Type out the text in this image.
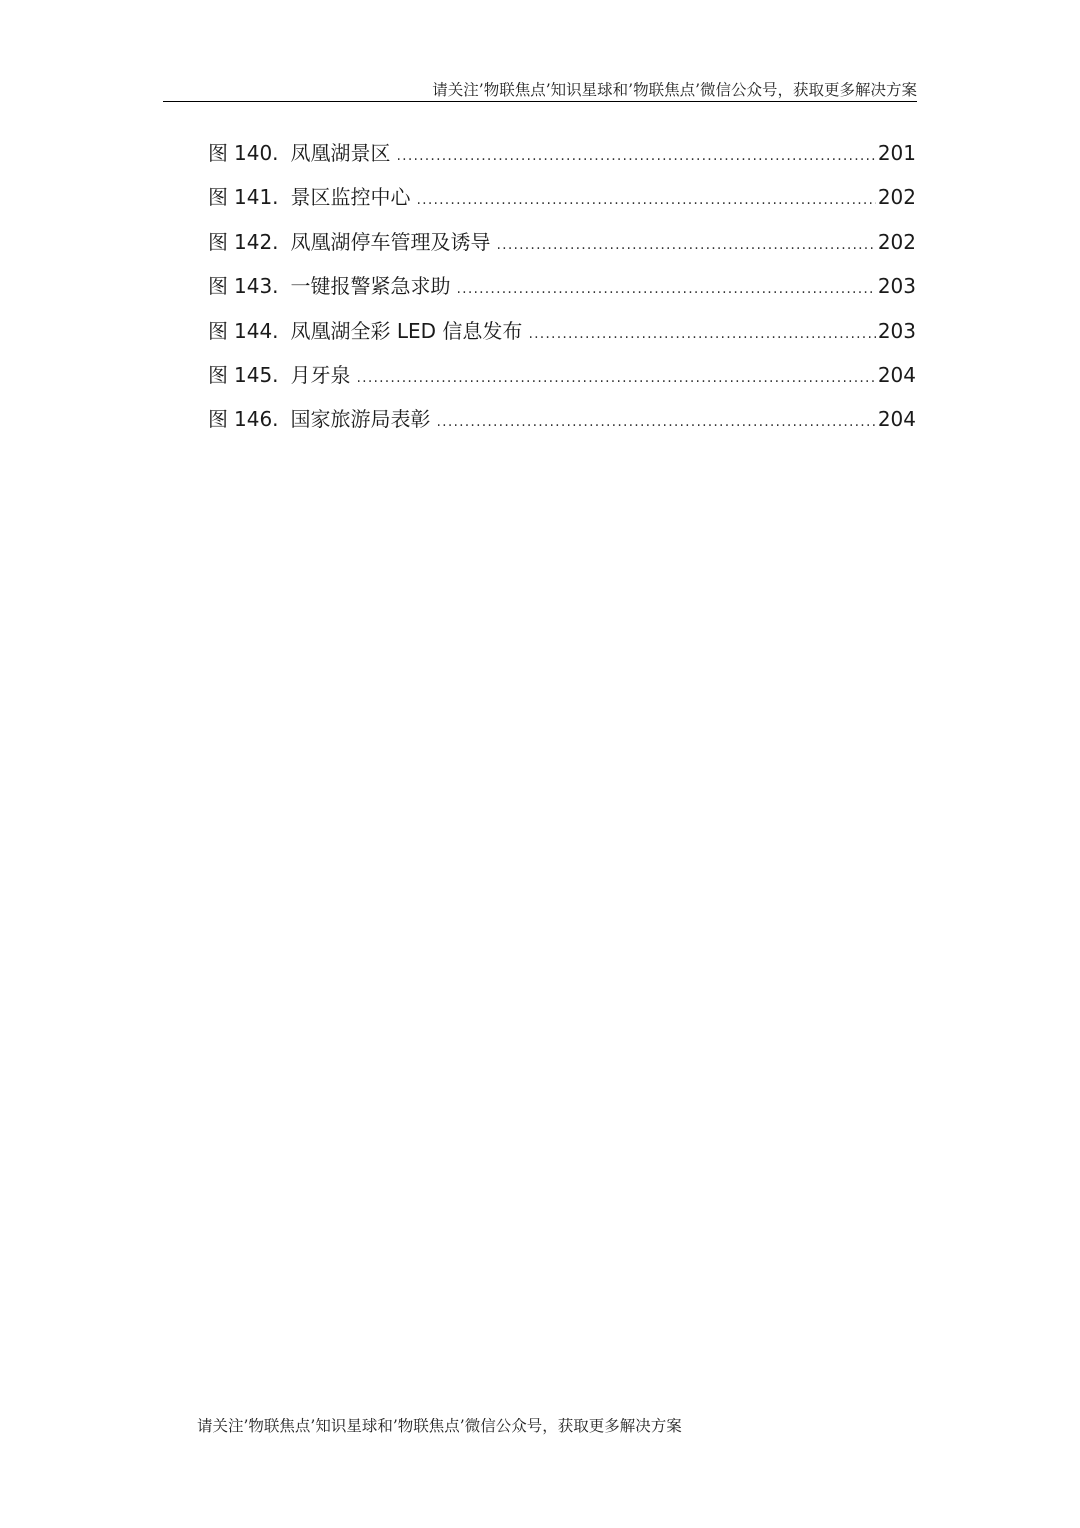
请关注’物联焦点’知识星球和’物联焦点’微信公众号，获取更多解决方案
图 140. 凤凰湖景区 .....	201
图 141. 景区监控中心 .....	202
图 142. 凤凰湖停车管理及诱导 .....	202
图 143. 一键报警紧急求助 .....	203
图 144. 凤凰湖全彩 LED 信息发布 .....	203
图 145. 月牙泉 .....	204
图 146. 国家旅游局表彰 .....	204
请关注’物联焦点’知识星球和’物联焦点’微信公众号，获取更多解决方案
